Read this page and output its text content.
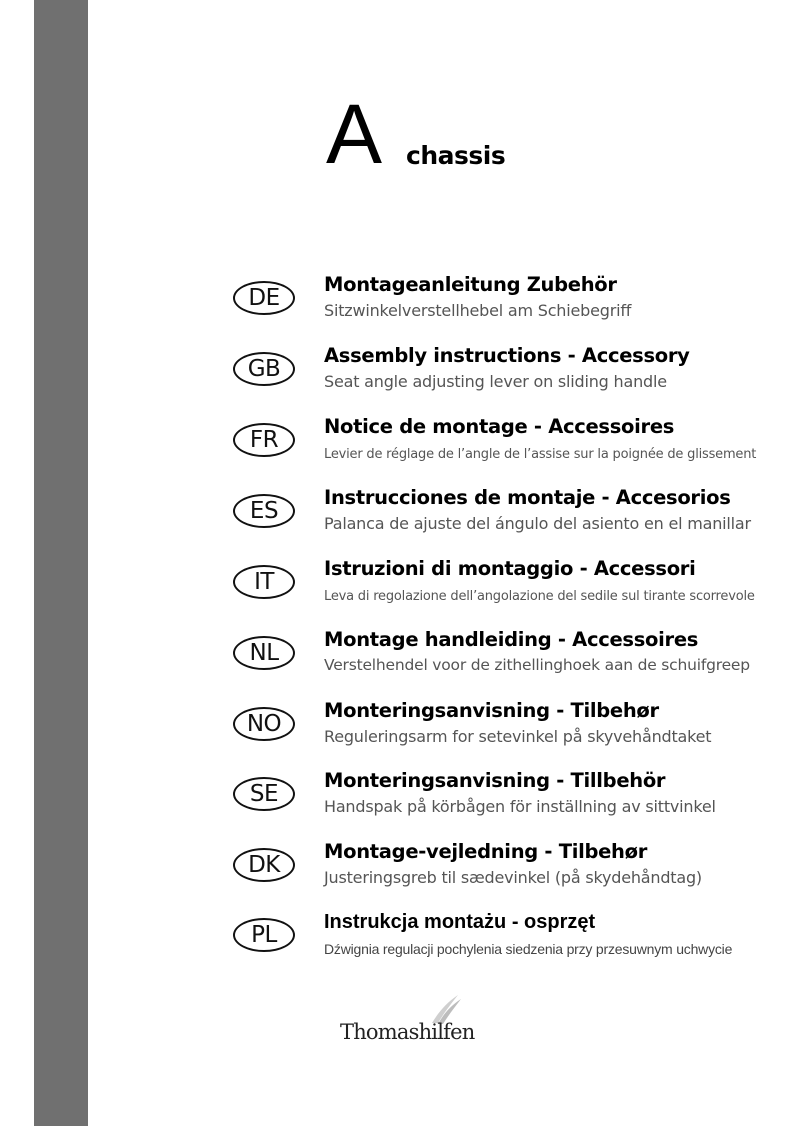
A chassis
DE
Montageanleitung Zubehör
Sitzwinkelverstellhebel am Schiebegriff
GB
Assembly instructions - Accessory
Seat angle adjusting lever on sliding handle
FR
Notice de montage - Accessoires
Levier de réglage de l’angle de l’assise sur la poignée de glissement
ES
Instrucciones de montaje - Accesorios
Palanca de ajuste del ángulo del asiento en el manillar
IT
Istruzioni di montaggio - Accessori
Leva di regolazione dell’angolazione del sedile sul tirante scorrevole
NL
Montage handleiding - Accessoires
Verstelhendel voor de zithellinghoek aan de schuifgreep
NO
Monteringsanvisning - Tilbehør
Reguleringsarm for setevinkel på skyvehåndtaket
SE
Monteringsanvisning - Tillbehör
Handspak på körbågen för inställning av sittvinkel
DK
Montage-vejledning - Tilbehør
Justeringsgreb til sædevinkel (på skydehåndtag)
PL	Instrukcja montażu - osprzęt
Dźwignia regulacji pochylenia siedzenia przy przesuwnym uchwycie
Thomashilfen
